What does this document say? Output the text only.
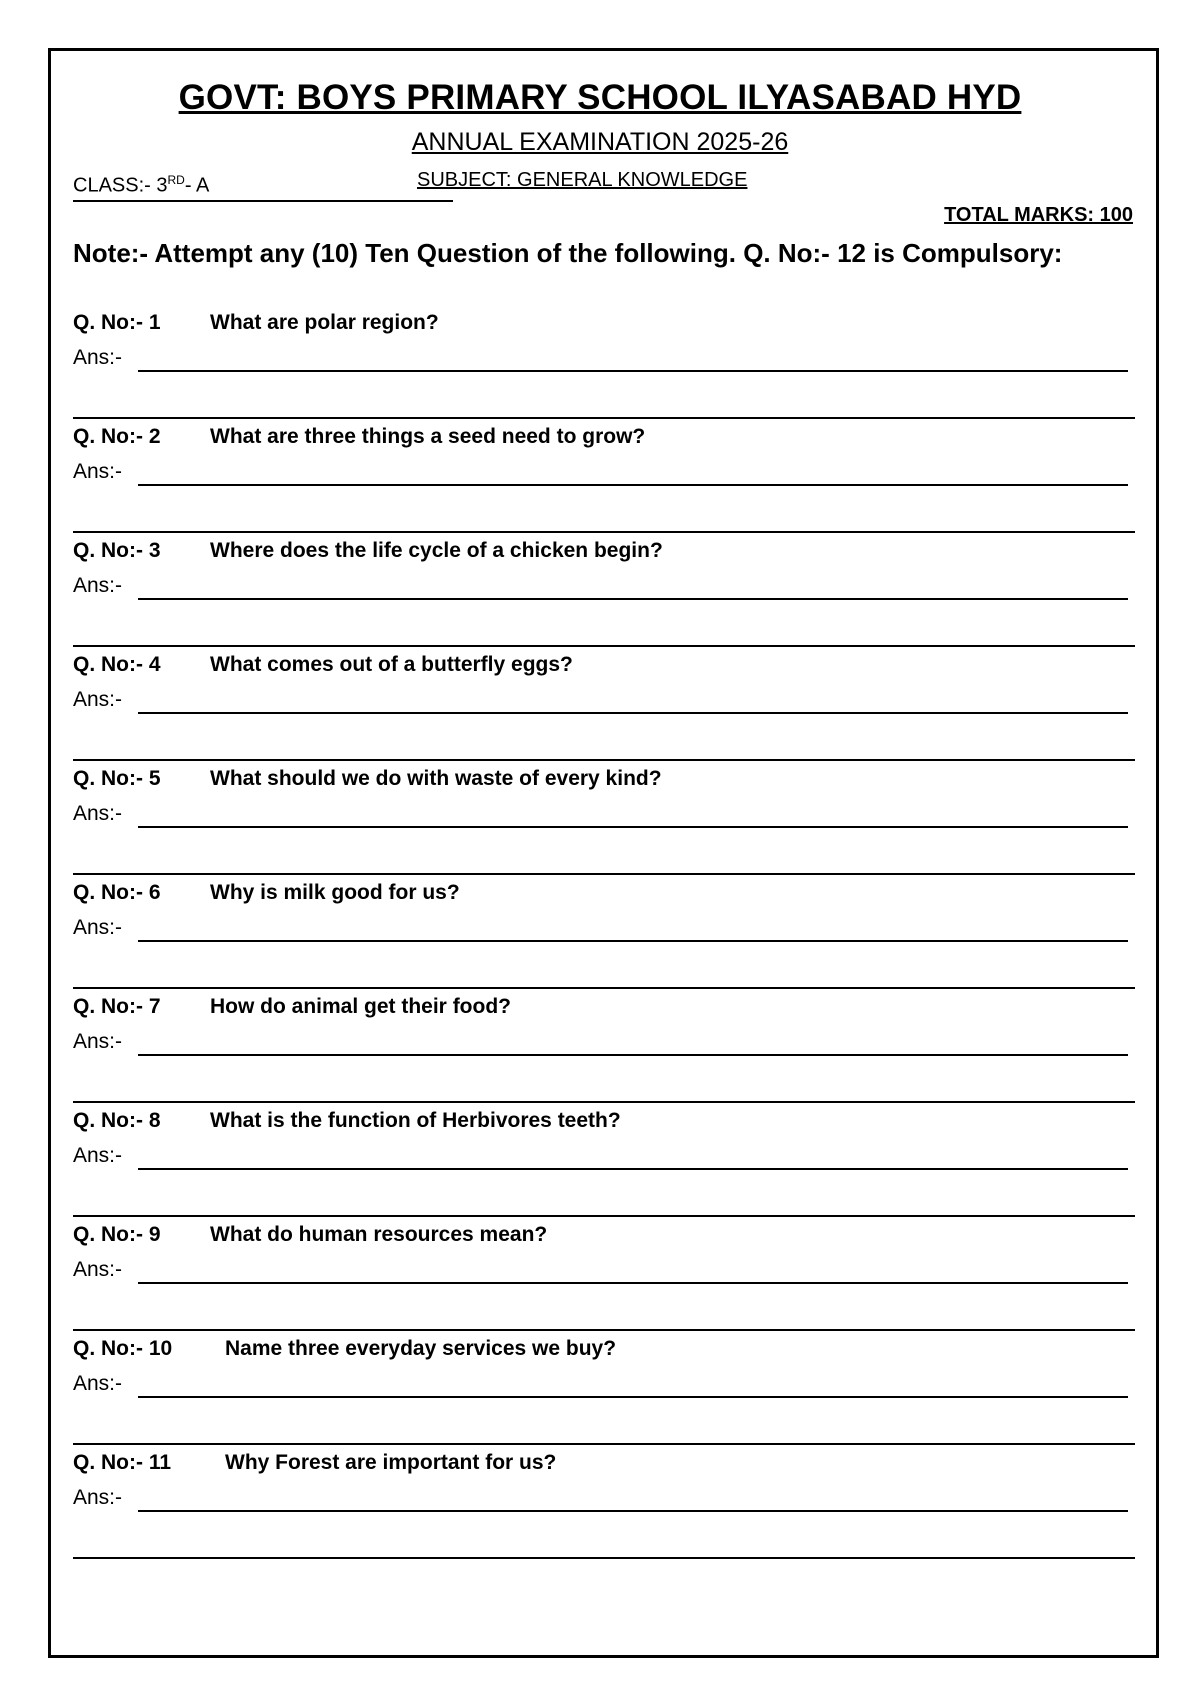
GOVT: BOYS PRIMARY SCHOOL ILYASABAD HYD
ANNUAL EXAMINATION 2025-26
CLASS:- 3RD- A	SUBJECT: GENERAL KNOWLEDGE
TOTAL MARKS: 100
Note:- Attempt any (10) Ten Question of the following. Q. No:- 12 is Compulsory:
Q. No:- 1 What are polar region?
Ans:-
Q. No:- 2 What are three things a seed need to grow?
Ans:-
Q. No:- 3 Where does the life cycle of a chicken begin?
Ans:-
Q. No:- 4 What comes out of a butterfly eggs?
Ans:-
Q. No:- 5 What should we do with waste of every kind?
Ans:-
Q. No:- 6 Why is milk good for us?
Ans:-
Q. No:- 7 How do animal get their food?
Ans:-
Q. No:- 8 What is the function of Herbivores teeth?
Ans:-
Q. No:- 9 What do human resources mean?
Ans:-
Q. No:- 10	Name three everyday services we buy?
Ans:-
Q. No:- 11	Why Forest are important for us?
Ans:-
